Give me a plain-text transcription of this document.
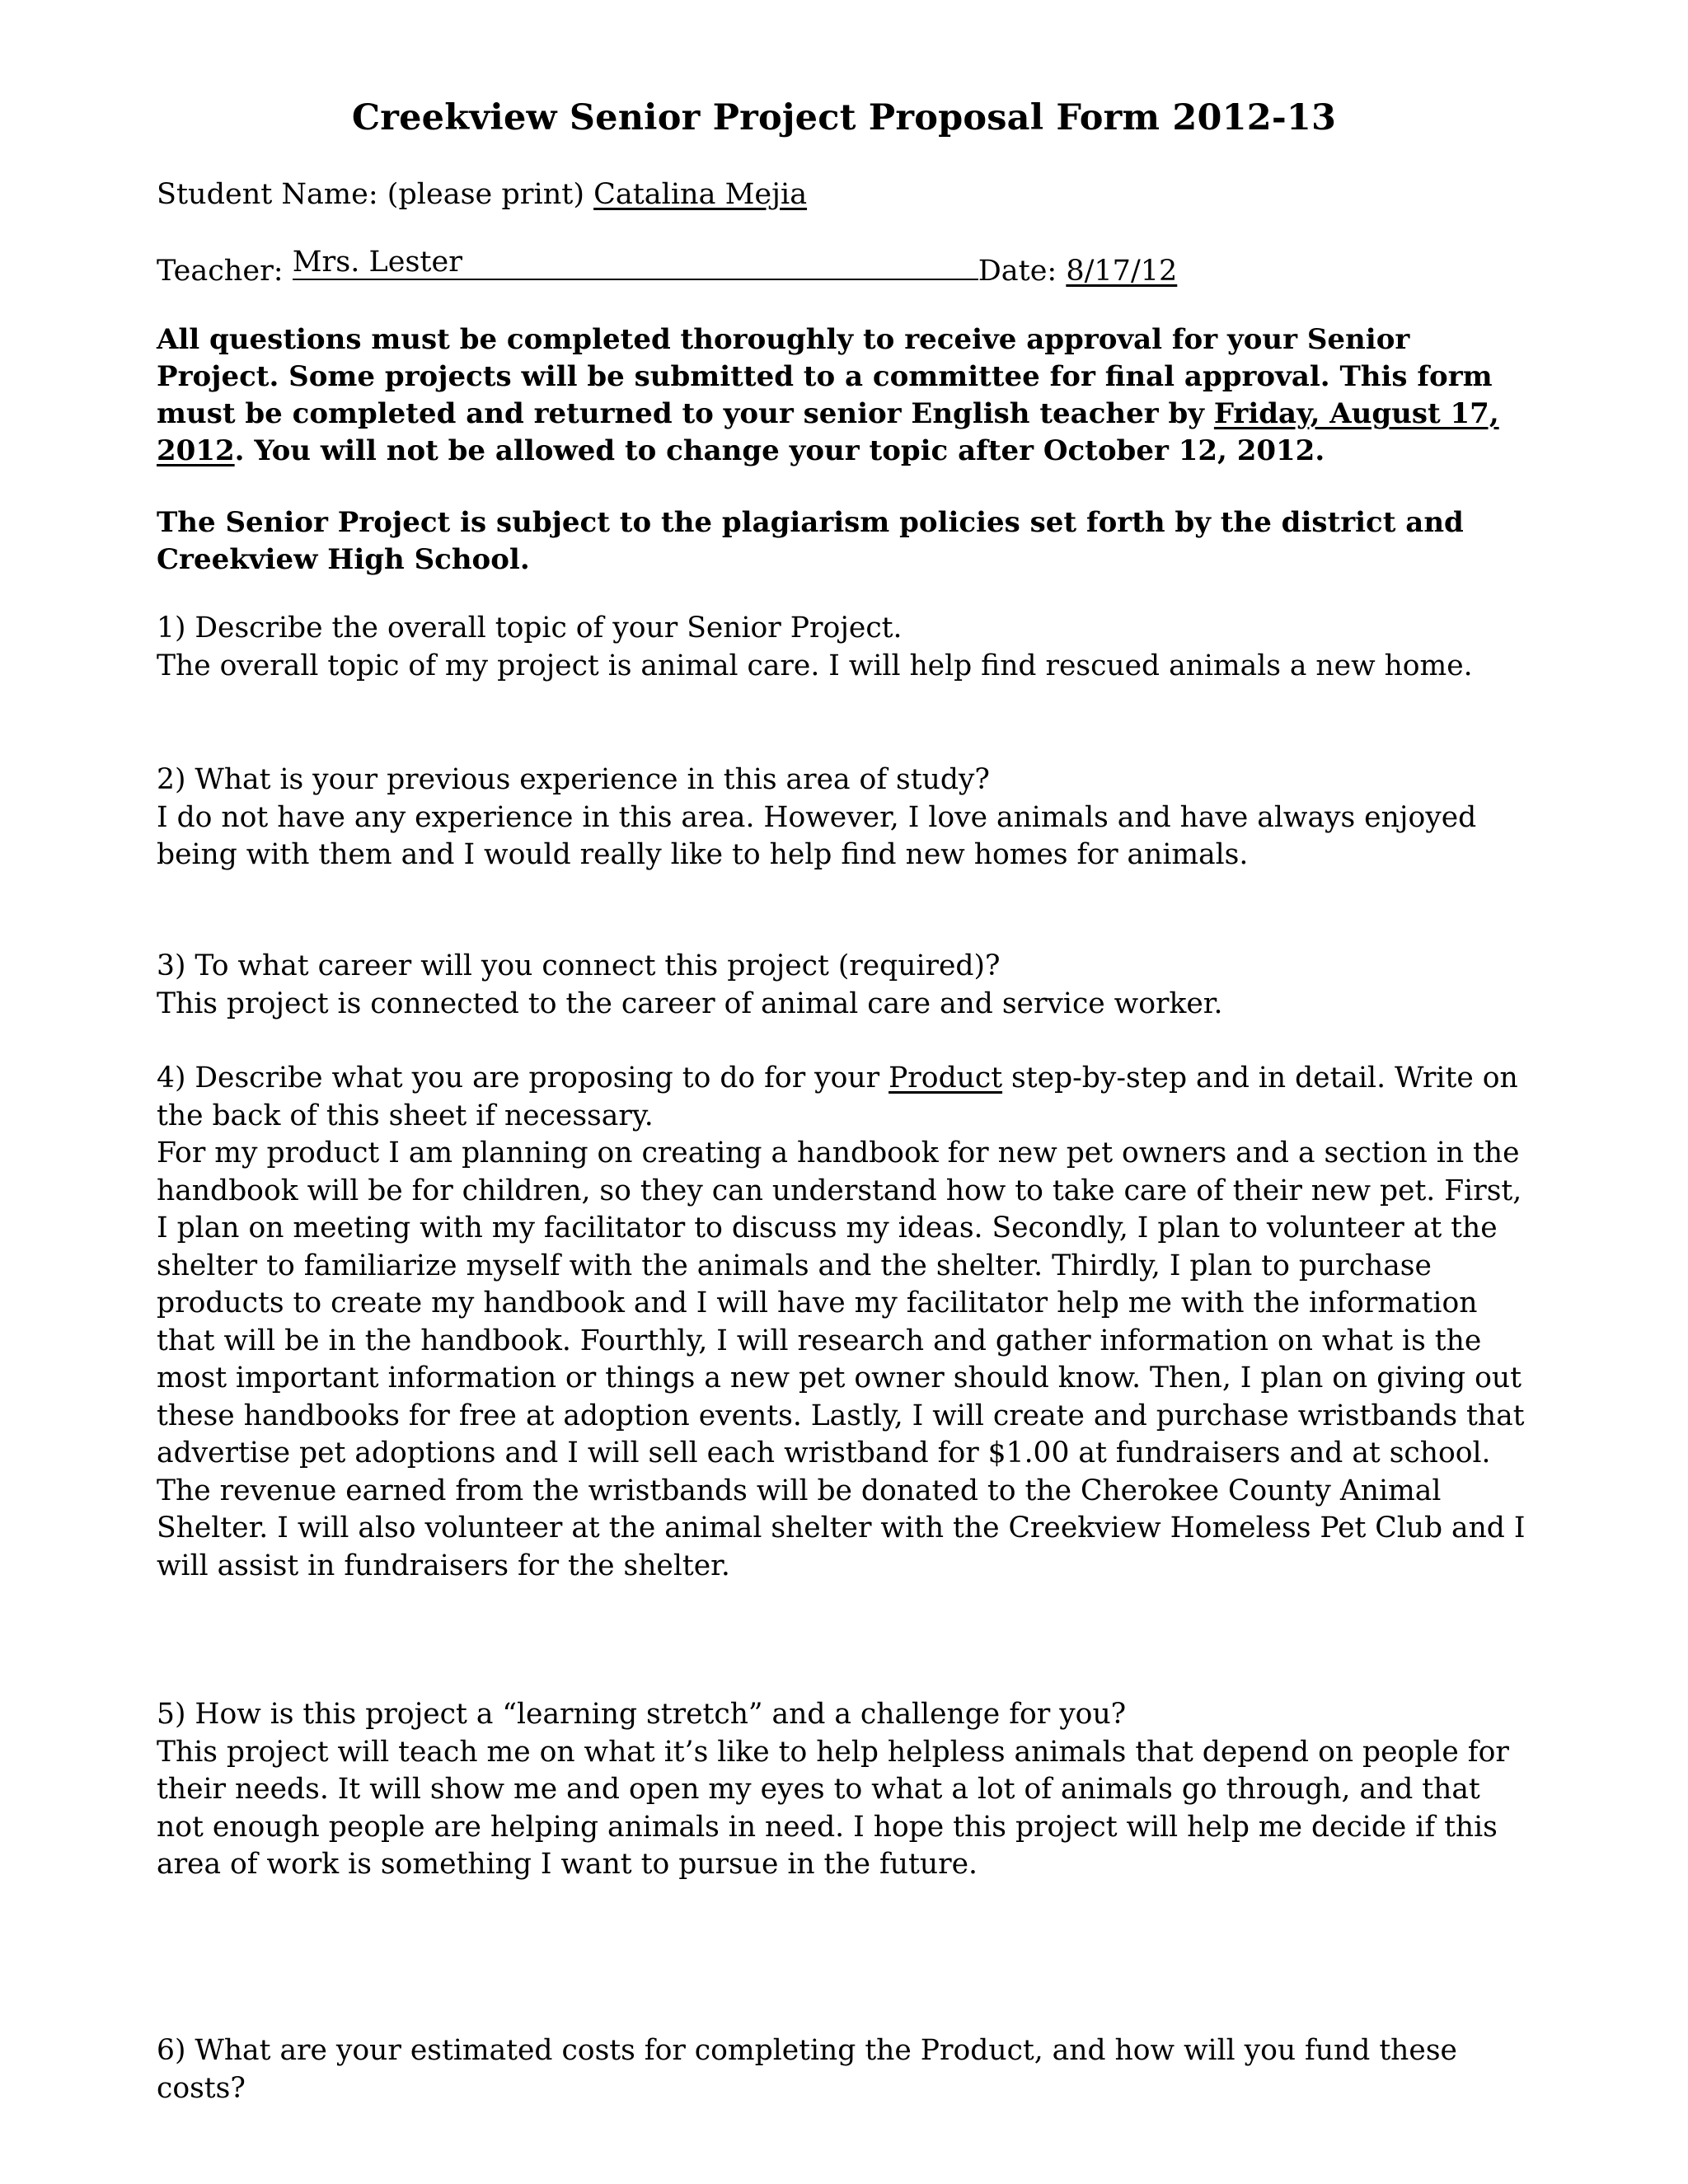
Creekview Senior Project Proposal Form 2012-13
Student Name: (please print) Catalina Mejia
Teacher: Mrs. Lester	Date: 8/17/12
All questions must be completed thoroughly to receive approval for your Senior Project. Some projects will be submitted to a committee for final approval. This form must be completed and returned to your senior English teacher by Friday, August 17, 2012. You will not be allowed to change your topic after October 12, 2012.
The Senior Project is subject to the plagiarism policies set forth by the district and Creekview High School.

1) Describe the overall topic of your Senior Project.

The overall topic of my project is animal care. I will help find rescued animals a new home.

2) What is your previous experience in this area of study?

I do not have any experience in this area. However, I love animals and have always enjoyed being with them and I would really like to help find new homes for animals.

3) To what career will you connect this project (required)?

This project is connected to the career of animal care and service worker.

4) Describe what you are proposing to do for your Product step-by-step and in detail. Write on the back of this sheet if necessary.

For my product I am planning on creating a handbook for new pet owners and a section in the handbook will be for children, so they can understand how to take care of their new pet. First, I plan on meeting with my facilitator to discuss my ideas. Secondly, I plan to volunteer at the shelter to familiarize myself with the animals and the shelter. Thirdly, I plan to purchase products to create my handbook and I will have my facilitator help me with the information that will be in the handbook. Fourthly, I will research and gather information on what is the most important information or things a new pet owner should know. Then, I plan on giving out these handbooks for free at adoption events. Lastly, I will create and purchase wristbands that advertise pet adoptions and I will sell each wristband for $1.00 at fundraisers and at school. The revenue earned from the wristbands will be donated to the Cherokee County Animal Shelter. I will also volunteer at the animal shelter with the Creekview Homeless Pet Club and I will assist in fundraisers for the shelter.

5) How is this project a “learning stretch” and a challenge for you?

This project will teach me on what it’s like to help helpless animals that depend on people for their needs. It will show me and open my eyes to what a lot of animals go through, and that not enough people are helping animals in need. I hope this project will help me decide if this area of work is something I want to pursue in the future.

6) What are your estimated costs for completing the Product, and how will you fund these costs?
